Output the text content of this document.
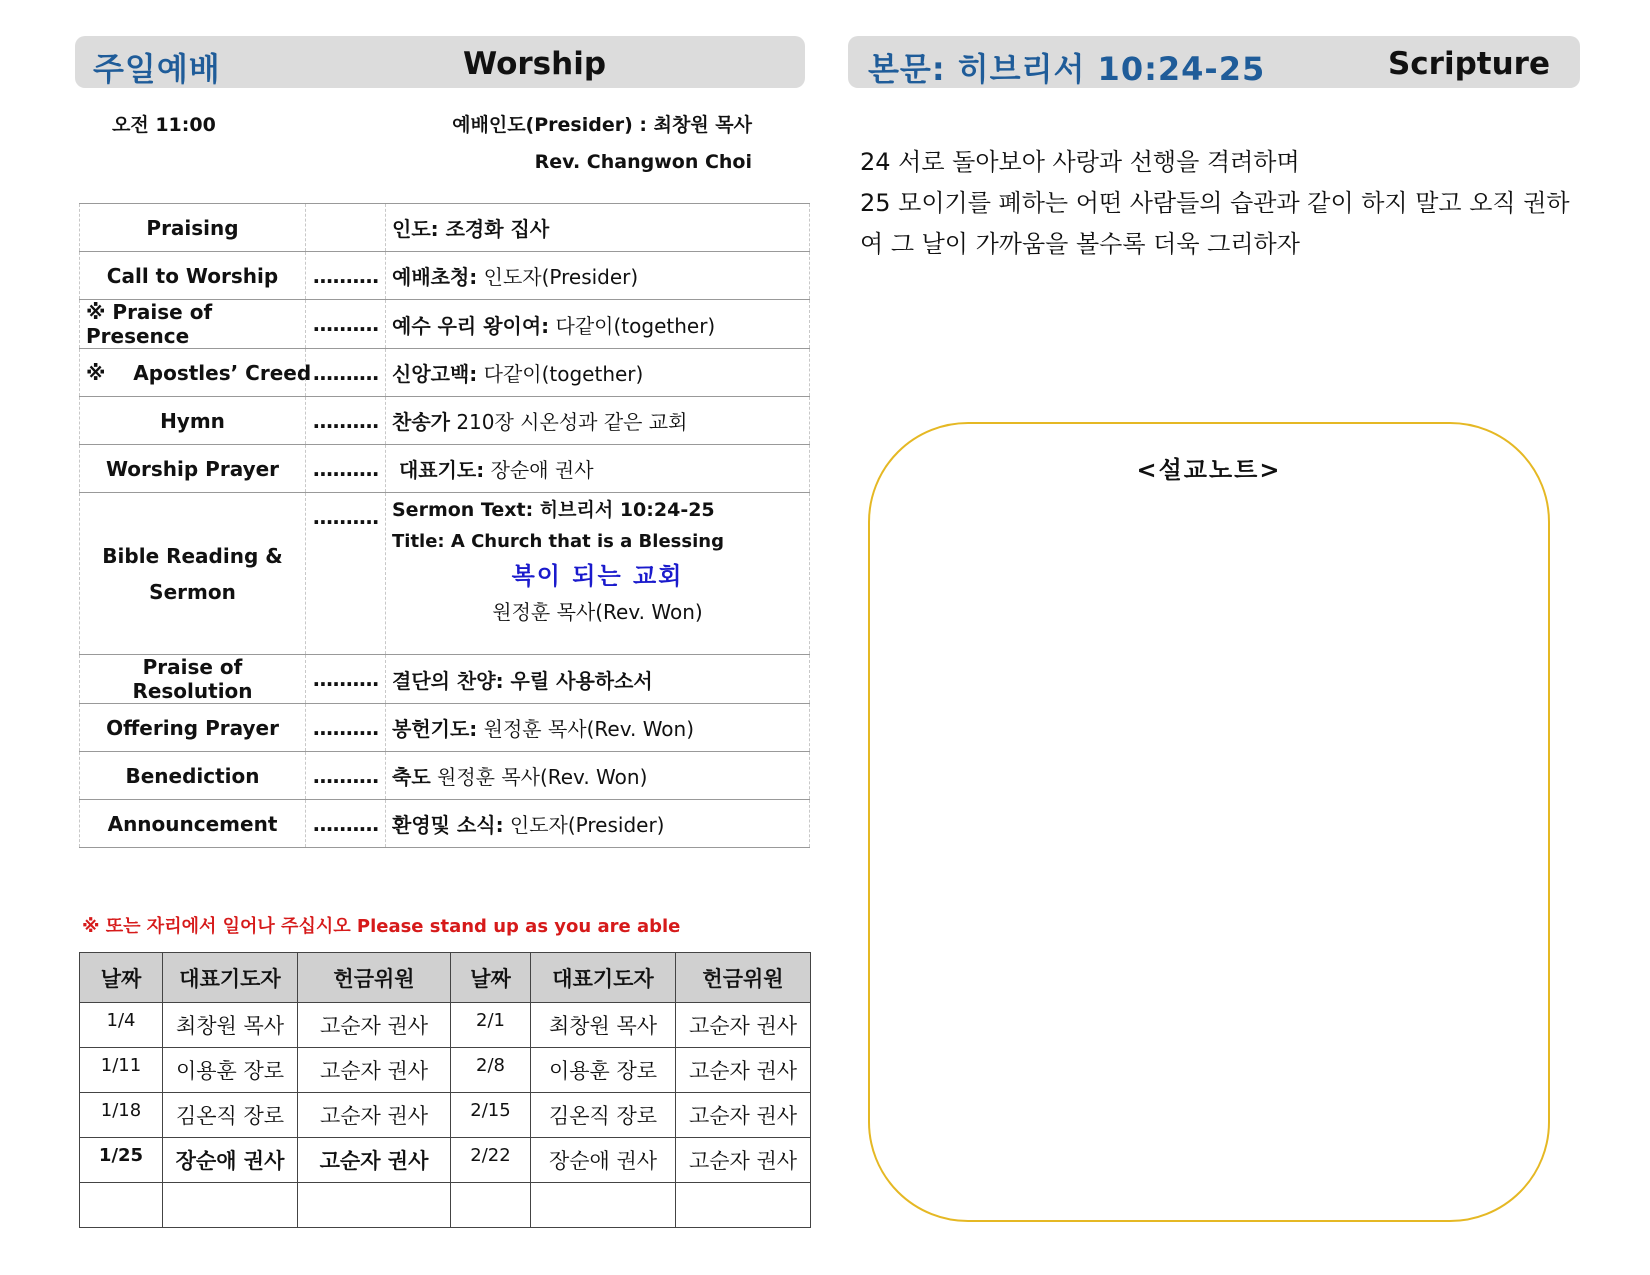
주일예배	Worship	본문: 히브리서 10:24-25	Scripture
오전 11:00	예배인도(Presider) : 최창원 목사
Rev. Changwon Choi
Praising		인도: 조경화 집사
Call to Worship	..........	예배초청: 인도자(Presider)
※ Praise of Presence	..........	예수 우리 왕이여: 다같이(together)
※    Apostles’ Creed	..........	신앙고백: 다같이(together)
Hymn	..........	찬송가 210장 시온성과 같은 교회
Worship Prayer	..........	대표기도: 장순애 권사
Bible Reading & Sermon	..........	Sermon Text: 히브리서 10:24-25
Title: A Church that is a Blessing
복이 되는 교회
원정훈 목사(Rev. Won)

Praise of Resolution	..........	결단의 찬양: 우릴 사용하소서
Offering Prayer	..........	봉헌기도: 원정훈 목사(Rev. Won)
Benediction	..........	축도 원정훈 목사(Rev. Won)
Announcement	..........	환영및 소식: 인도자(Presider)
※ 또는 자리에서 일어나 주십시오 Please stand up as you are able
날짜	대표기도자	헌금위원	날짜	대표기도자	헌금위원
1/4	최창원 목사	고순자 권사	2/1	최창원 목사	고순자 권사
1/11	이용훈 장로	고순자 권사	2/8	이용훈 장로	고순자 권사
1/18	김온직 장로	고순자 권사	2/15	김온직 장로	고순자 권사
1/25	장순애 권사	고순자 권사	2/22	장순애 권사	고순자 권사

24 서로 돌아보아 사랑과 선행을 격려하며
25 모이기를 폐하는 어떤 사람들의 습관과 같이 하지 말고 오직 권하여 그 날이 가까움을 볼수록 더욱 그리하자
<설교노트>
